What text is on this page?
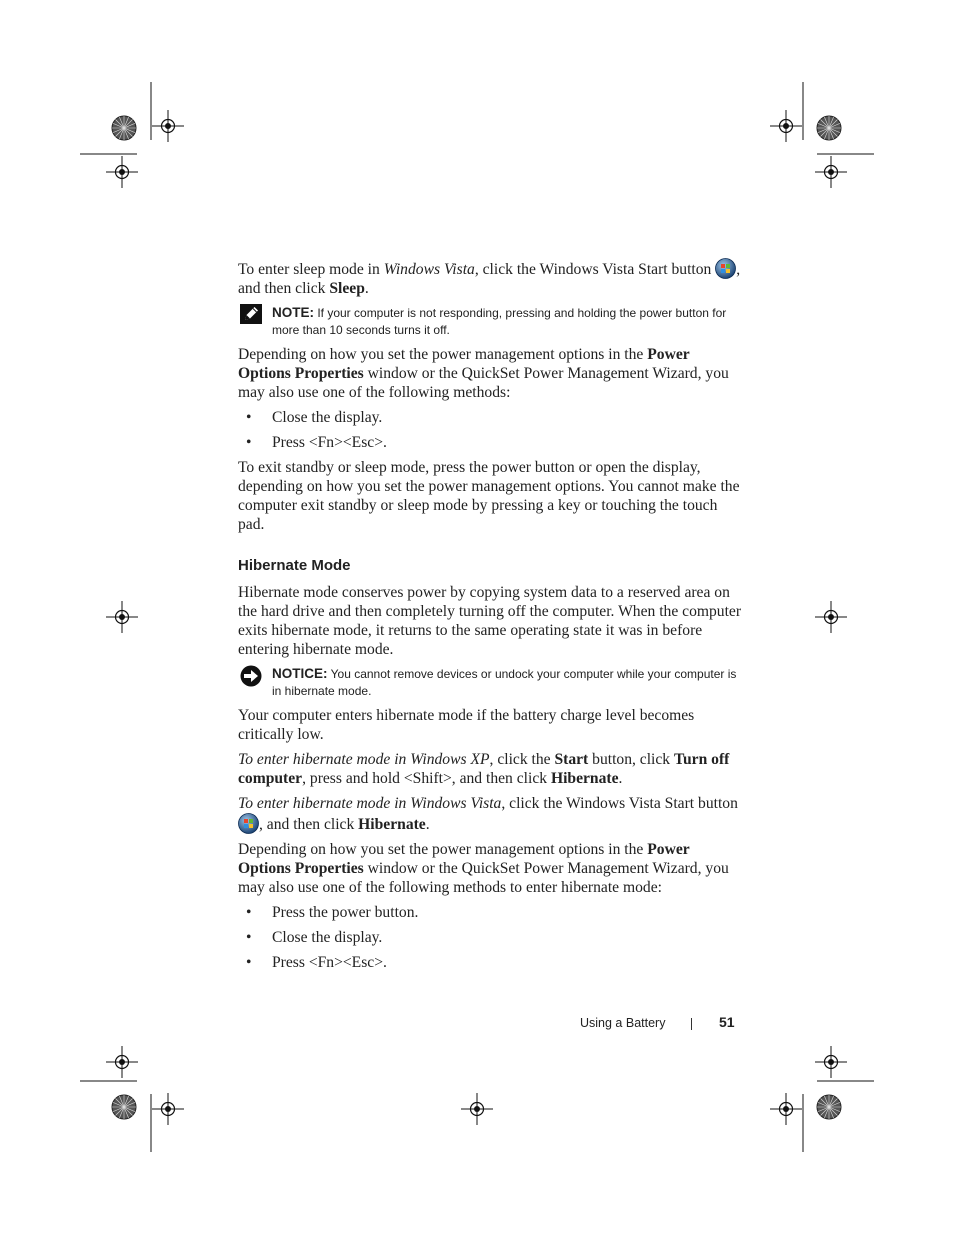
To enter sleep mode in Windows Vista, click the Windows Vista Start button , and then click Sleep.

NOTE: If your computer is not responding, pressing and holding the power button for more than 10 seconds turns it off.

Depending on how you set the power management options in the Power Options Properties window or the QuickSet Power Management Wizard, you may also use one of the following methods:

• Close the display.
• Press <Fn><Esc>.

To exit standby or sleep mode, press the power button or open the display, depending on how you set the power management options. You cannot make the computer exit standby or sleep mode by pressing a key or touching the touch pad.

Hibernate Mode

Hibernate mode conserves power by copying system data to a reserved area on the hard drive and then completely turning off the computer. When the computer exits hibernate mode, it returns to the same operating state it was in before entering hibernate mode.

NOTICE: You cannot remove devices or undock your computer while your computer is in hibernate mode.

Your computer enters hibernate mode if the battery charge level becomes critically low.

To enter hibernate mode in Windows XP, click the Start button, click Turn off computer, press and hold <Shift>, and then click Hibernate.

To enter hibernate mode in Windows Vista, click the Windows Vista Start button , and then click Hibernate.

Depending on how you set the power management options in the Power Options Properties window or the QuickSet Power Management Wizard, you may also use one of the following methods to enter hibernate mode:

• Press the power button.
• Close the display.
• Press <Fn><Esc>.
Using a Battery	51
